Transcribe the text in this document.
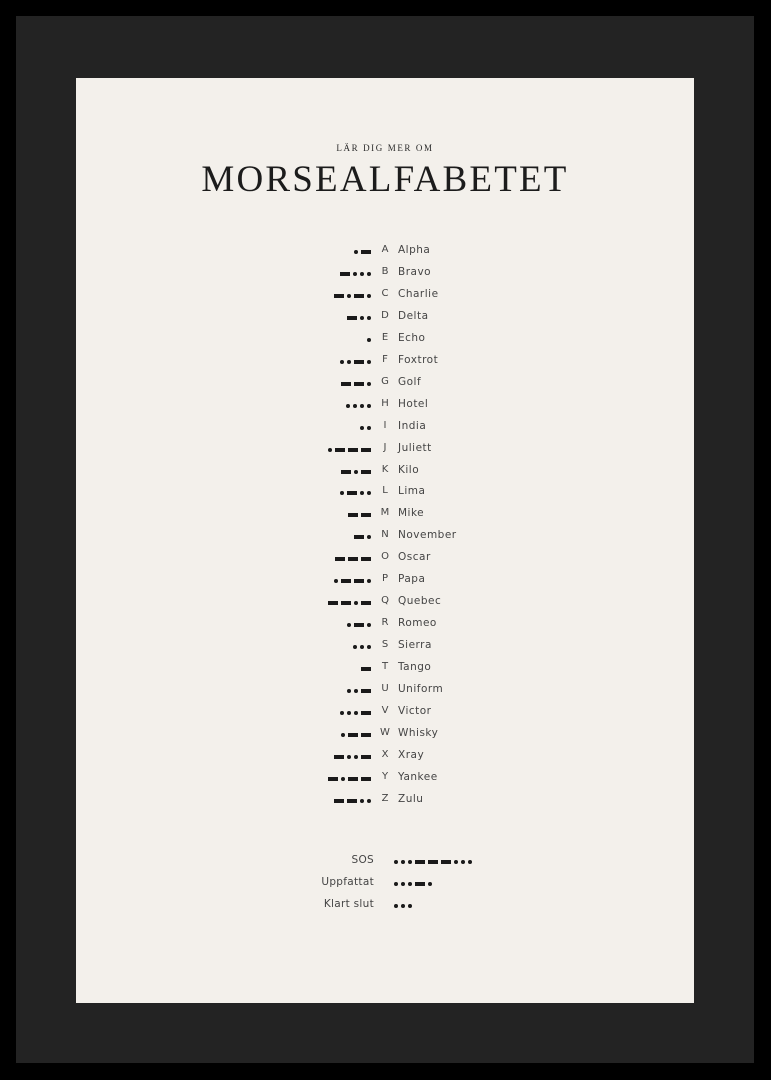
LÄR DIG MER OM
MORSEALFABETET
A Alpha
B Bravo
C Charlie
D Delta
E Echo
F Foxtrot
G Golf
H Hotel
I	India
J	Juliett
K Kilo
L Lima
M Mike
N November
O Oscar
P Papa
Q Quebec
R Romeo
S Sierra
T Tango
U Uniform
V Victor
W Whisky
X Xray
Y Yankee
Z Zulu
SOS
Uppfattat
Klart slut
